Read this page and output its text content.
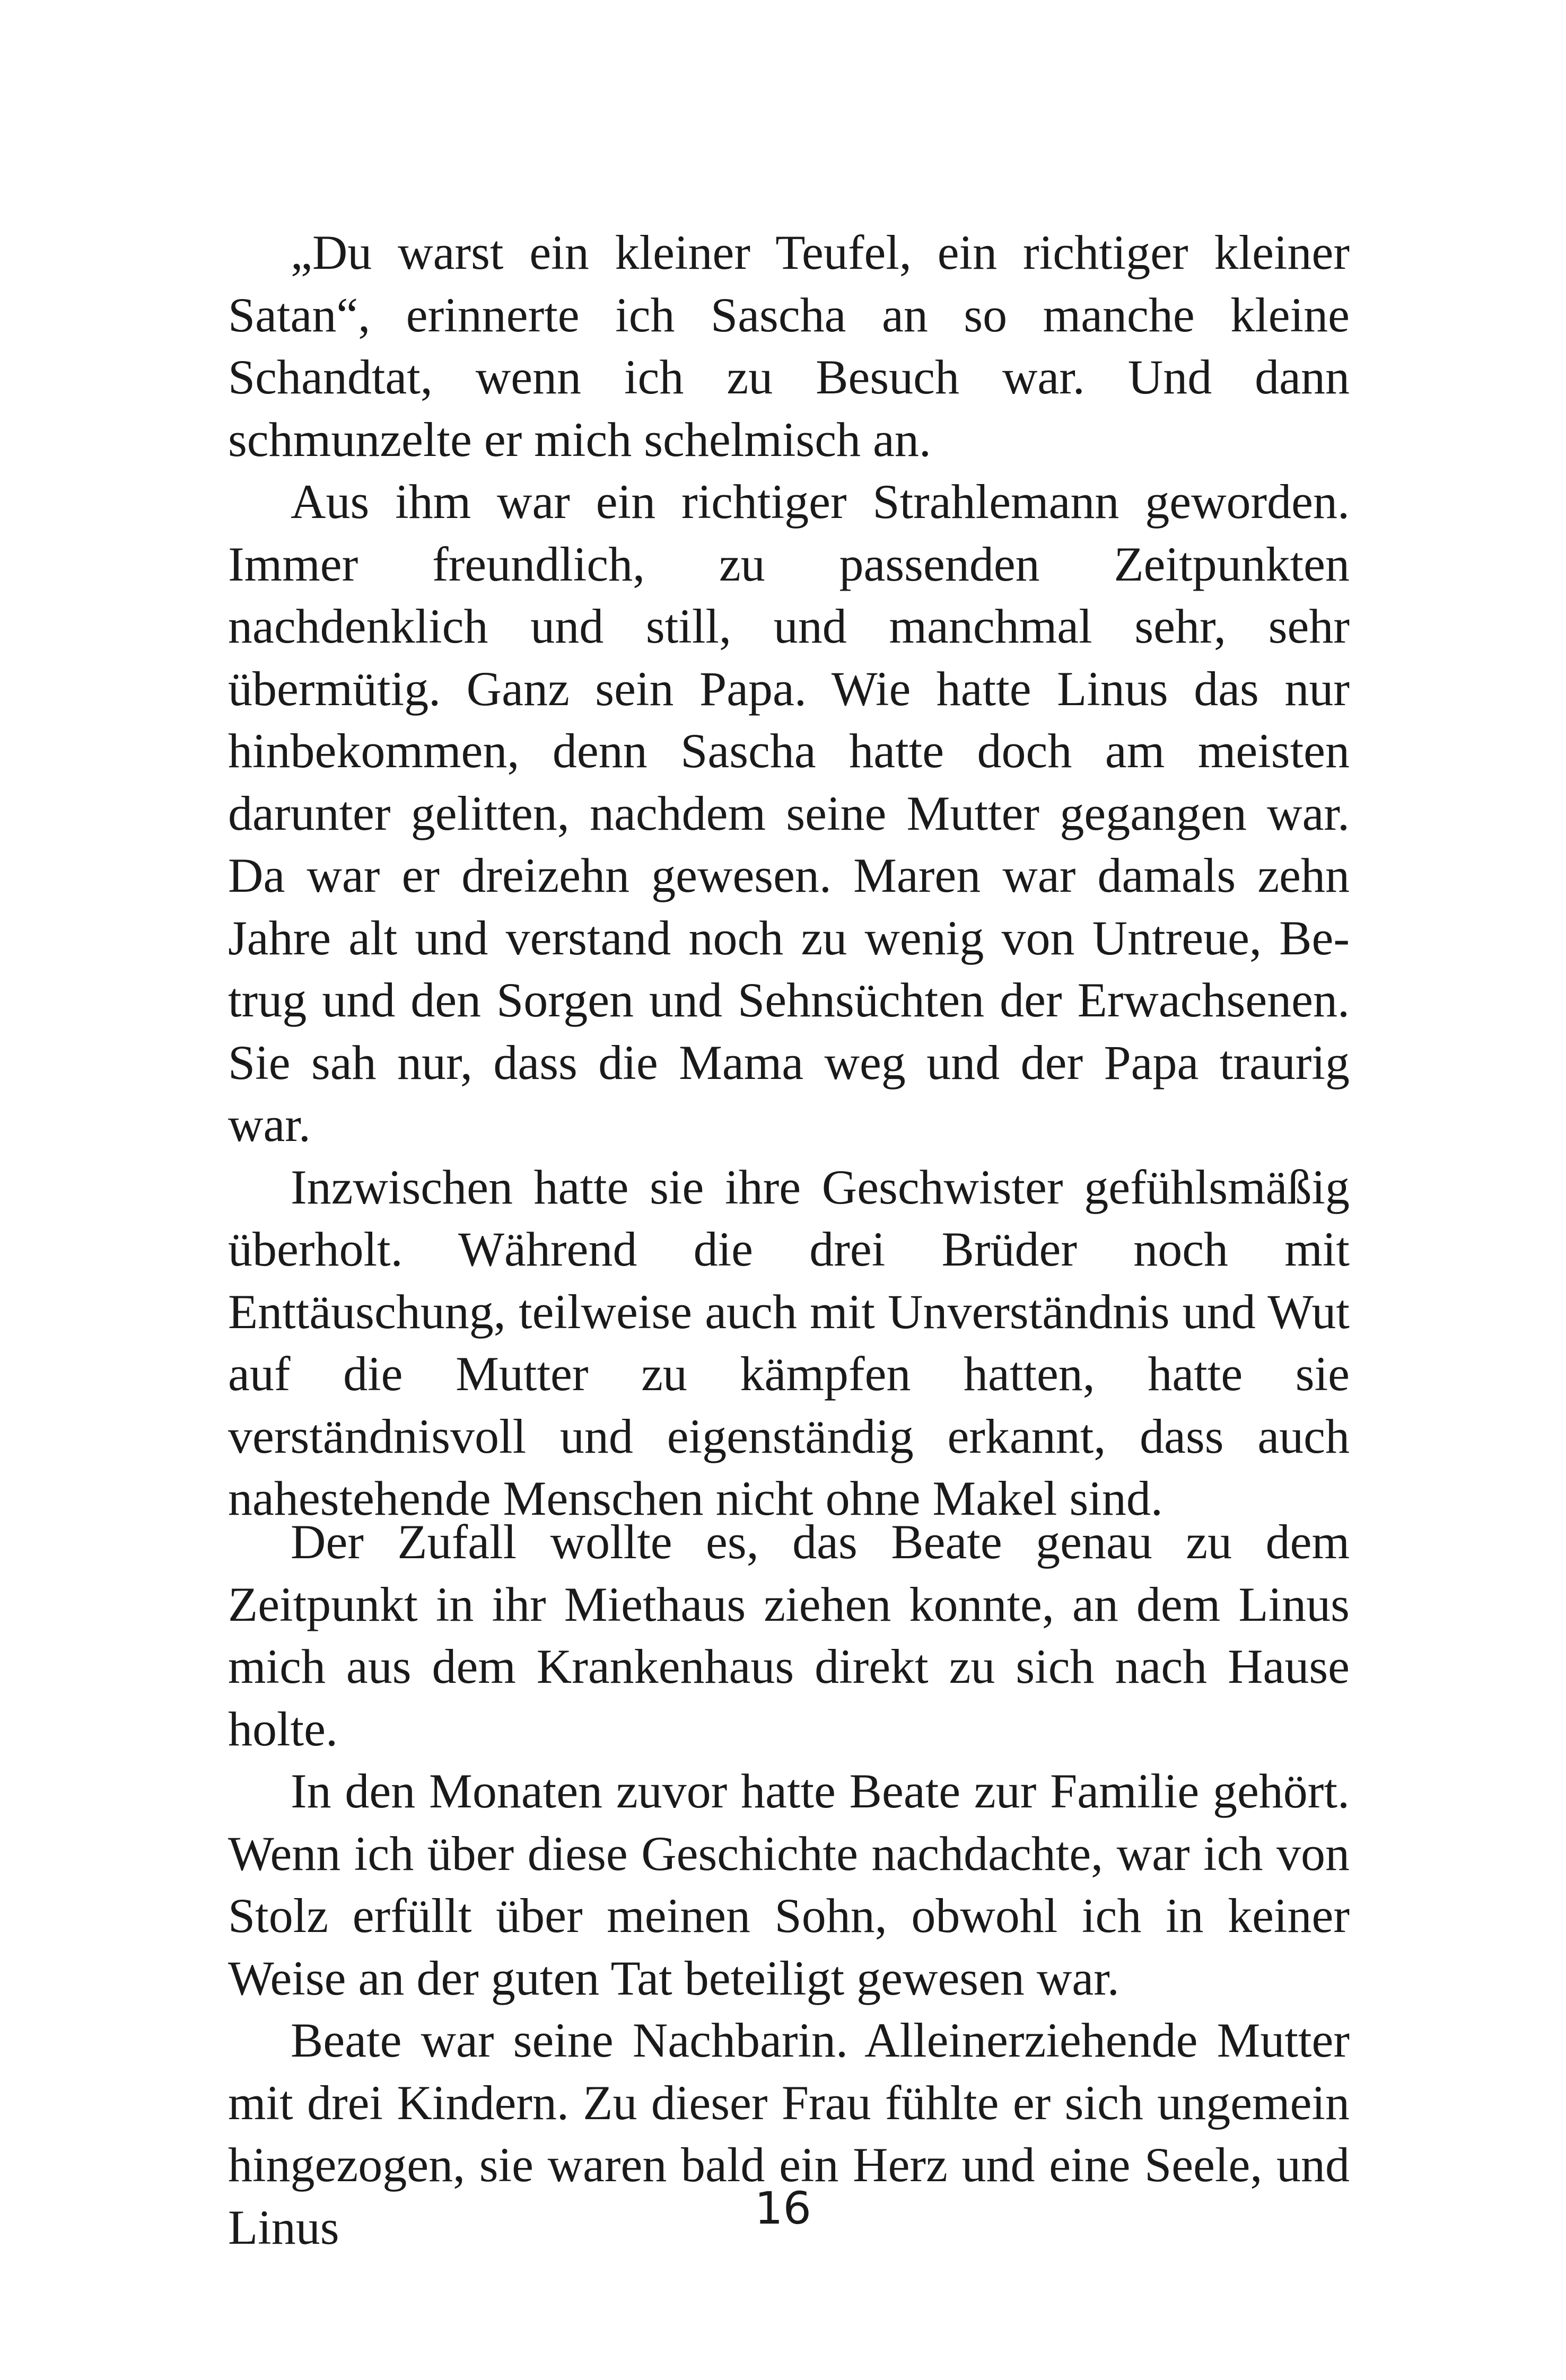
„Du warst ein kleiner Teufel, ein richtiger kleiner Satan“, erinnerte ich Sascha an so manche kleine Schandtat, wenn ich zu Besuch war. Und dann schmunzelte er mich schelmisch an.

Aus ihm war ein richtiger Strahlemann geworden. Immer freundlich, zu passenden Zeitpunkten nachdenklich und still, und manchmal sehr, sehr übermütig. Ganz sein Papa. Wie hatte Linus das nur hinbekommen, denn Sascha hatte doch am meisten darunter gelitten, nachdem seine Mutter gegangen war. Da war er dreizehn gewesen. Maren war damals zehn Jahre alt und verstand noch zu wenig von Untreue, Betrug und den Sorgen und Sehnsüchten der Erwachsenen. Sie sah nur, dass die Mama weg und der Papa traurig war.

Inzwischen hatte sie ihre Geschwister gefühlsmäßig überholt. Während die drei Brüder noch mit Enttäuschung, teilweise auch mit Unverständnis und Wut auf die Mutter zu kämpfen hatten, hatte sie verständnisvoll und eigenständig erkannt, dass auch nahestehende Menschen nicht ohne Makel sind.

Der Zufall wollte es, das Beate genau zu dem Zeitpunkt in ihr Miethaus ziehen konnte, an dem Linus mich aus dem Krankenhaus direkt zu sich nach Hause holte.

In den Monaten zuvor hatte Beate zur Familie gehört. Wenn ich über diese Geschichte nachdachte, war ich von Stolz erfüllt über meinen Sohn, obwohl ich in keiner Weise an der guten Tat beteiligt gewesen war.

Beate war seine Nachbarin. Alleinerziehende Mutter mit drei Kindern. Zu dieser Frau fühlte er sich ungemein hingezogen, sie waren bald ein Herz und eine Seele, und Linus	16
